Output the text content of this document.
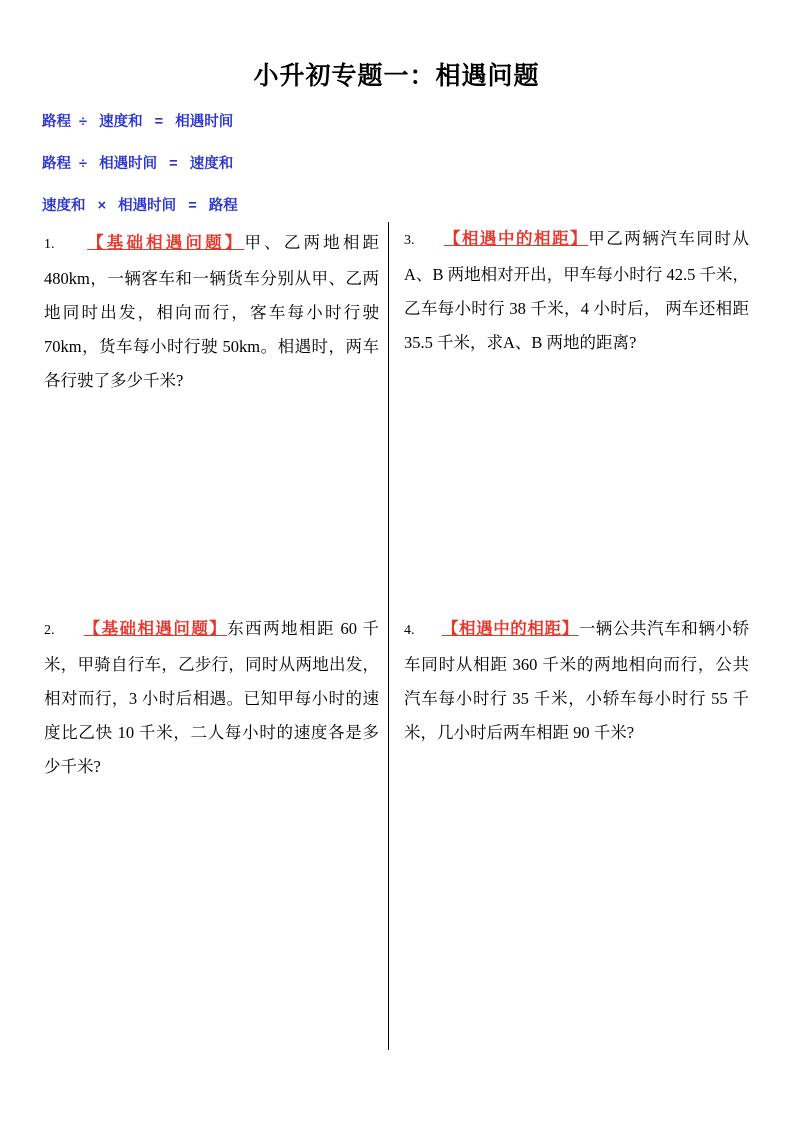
小升初专题一：相遇问题
路程  ÷   速度和   =   相遇时间
路程  ÷   相遇时间   =   速度和
速度和   ×   相遇时间   =   路程
1. 【基础相遇问题】甲、乙两地相距 480km，一辆客车和一辆货车分别从甲、乙两地同时出发，相向而行，客车每小时行驶 70km，货车每小时行驶 50km。相遇时，两车各行驶了多少千米?
2. 【基础相遇问题】东西两地相距 60 千米，甲骑自行车，乙步行，同时从两地出发，相对而行，3 小时后相遇。已知甲每小时的速度比乙快 10 千米，二人每小时的速度各是多少千米?
3. 【相遇中的相距】甲乙两辆汽车同时从 A、B 两地相对开出，甲车每小时行 42.5 千米，乙车每小时行 38 千米，4 小时后， 两车还相距 35.5 千米，求A、B 两地的距离?
4. 【相遇中的相距】一辆公共汽车和辆小轿车同时从相距 360 千米的两地相向而行，公共汽车每小时行 35 千米，小轿车每小时行 55 千米，几小时后两车相距 90 千米?
